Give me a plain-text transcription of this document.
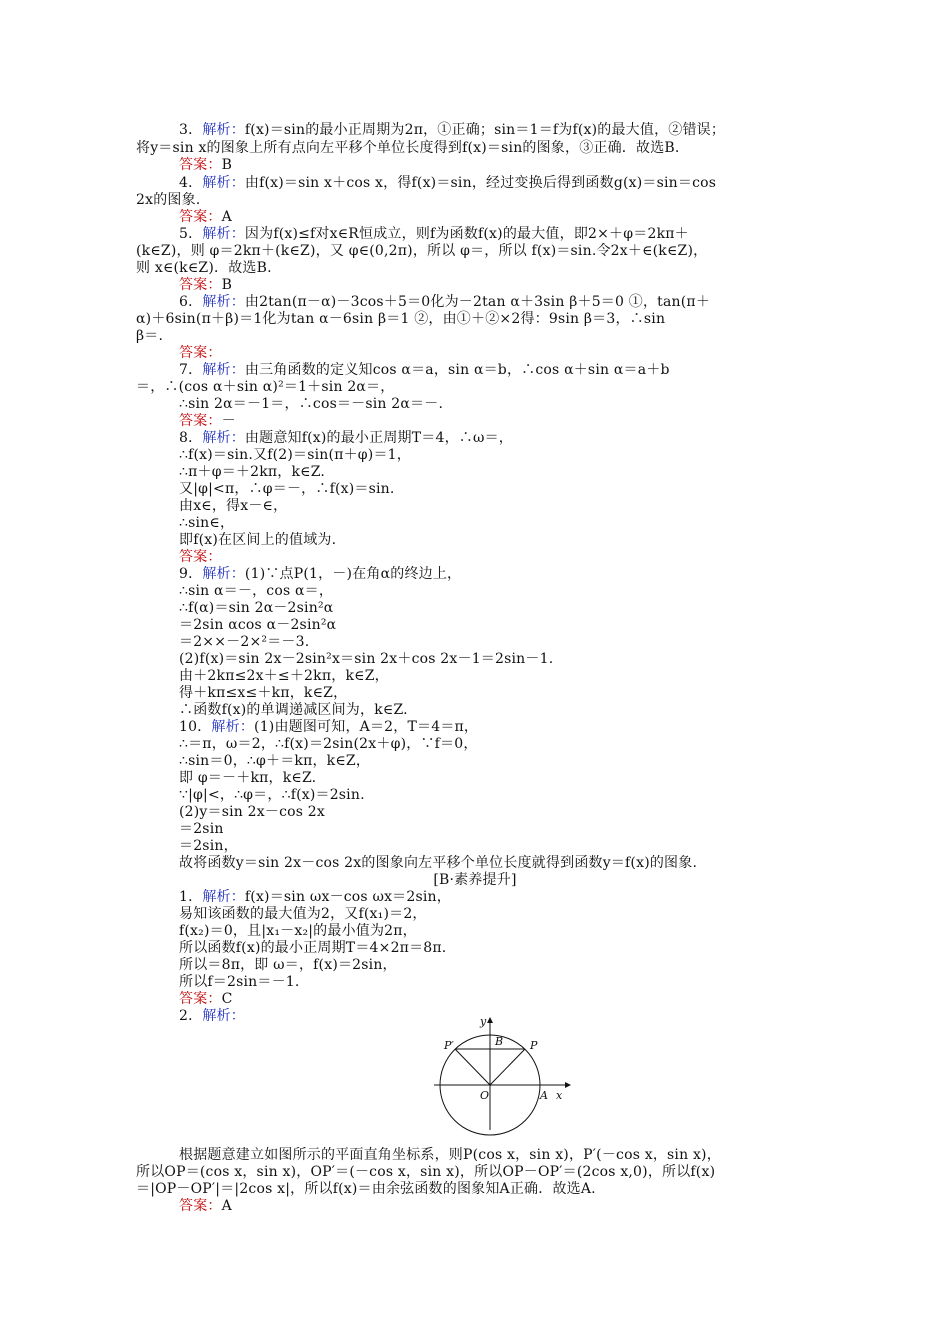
3．解析：f(x)＝sin的最小正周期为2π，①正确；sin＝1＝f为f(x)的最大值，②错误；
将y＝sin x的图象上所有点向左平移个单位长度得到f(x)＝sin的图象，③正确．故选B.
答案：B
4．解析：由f(x)＝sin x＋cos x，得f(x)＝sin，经过变换后得到函数g(x)＝sin＝cos
2x的图象.
答案：A
5．解析：因为f(x)≤f对x∈R恒成立，则f为函数f(x)的最大值，即2×＋φ＝2kπ＋
(k∈Z)，则 φ＝2kπ＋(k∈Z)，又 φ∈(0,2π)，所以 φ＝，所以 f(x)＝sin.令2x＋∈(k∈Z)，
则 x∈(k∈Z)．故选B.
答案：B
6．解析：由2tan(π－α)－3cos＋5＝0化为－2tan α＋3sin β＋5＝0 ①，tan(π＋
α)＋6sin(π＋β)＝1化为tan α－6sin β＝1 ②，由①＋②×2得：9sin β＝3，∴sin
β＝.
答案：
7．解析：由三角函数的定义知cos α＝a，sin α＝b，∴cos α＋sin α＝a＋b
＝，∴(cos α＋sin α)²＝1＋sin 2α＝，
∴sin 2α＝－1＝，∴cos＝－sin 2α＝－.
答案：－
8．解析：由题意知f(x)的最小正周期T＝4，∴ω＝，
∴f(x)＝sin.又f(2)＝sin(π＋φ)＝1，
∴π＋φ＝＋2kπ，k∈Z.
又|φ|<π，∴φ＝－，∴f(x)＝sin.
由x∈，得x－∈，
∴sin∈，
即f(x)在区间上的值域为.
答案：
9．解析：(1)∵点P(1，－)在角α的终边上，
∴sin α＝－，cos α＝，
∴f(α)＝sin 2α－2sin²α
＝2sin αcos α－2sin²α
＝2××－2×²＝－3.
(2)f(x)＝sin 2x－2sin²x＝sin 2x＋cos 2x－1＝2sin－1.
由＋2kπ≤2x＋≤＋2kπ，k∈Z，
得＋kπ≤x≤＋kπ，k∈Z，
∴函数f(x)的单调递减区间为，k∈Z.
10．解析：(1)由题图可知，A＝2，T＝4＝π，
∴＝π，ω＝2，∴f(x)＝2sin(2x＋φ)，∵f＝0，
∴sin＝0，∴φ＋＝kπ，k∈Z，
即 φ＝－＋kπ，k∈Z.
∵|φ|<，∴φ＝，∴f(x)＝2sin.
(2)y＝sin 2x－cos 2x
＝2sin
＝2sin，
故将函数y＝sin 2x－cos 2x的图象向左平移个单位长度就得到函数y＝f(x)的图象.
[B·素养提升]
1．解析：f(x)＝sin ωx－cos ωx＝2sin，
易知该函数的最大值为2，又f(x₁)＝2，
f(x₂)＝0，且|x₁－x₂|的最小值为2π，
所以函数f(x)的最小正周期T＝4×2π＝8π.
所以＝8π，即 ω＝，f(x)＝2sin，
所以f＝2sin＝－1.
答案：C
2．解析：	y
x
B P
P′
O	A
根据题意建立如图所示的平面直角坐标系，则P(cos x，sin x)，P′(－cos x，sin x)，
所以OP＝(cos x，sin x)，OP′＝(－cos x，sin x)，所以OP－OP′＝(2cos x,0)，所以f(x)
＝|OP－OP′|＝|2cos x|，所以f(x)＝由余弦函数的图象知A正确．故选A.
答案：A
